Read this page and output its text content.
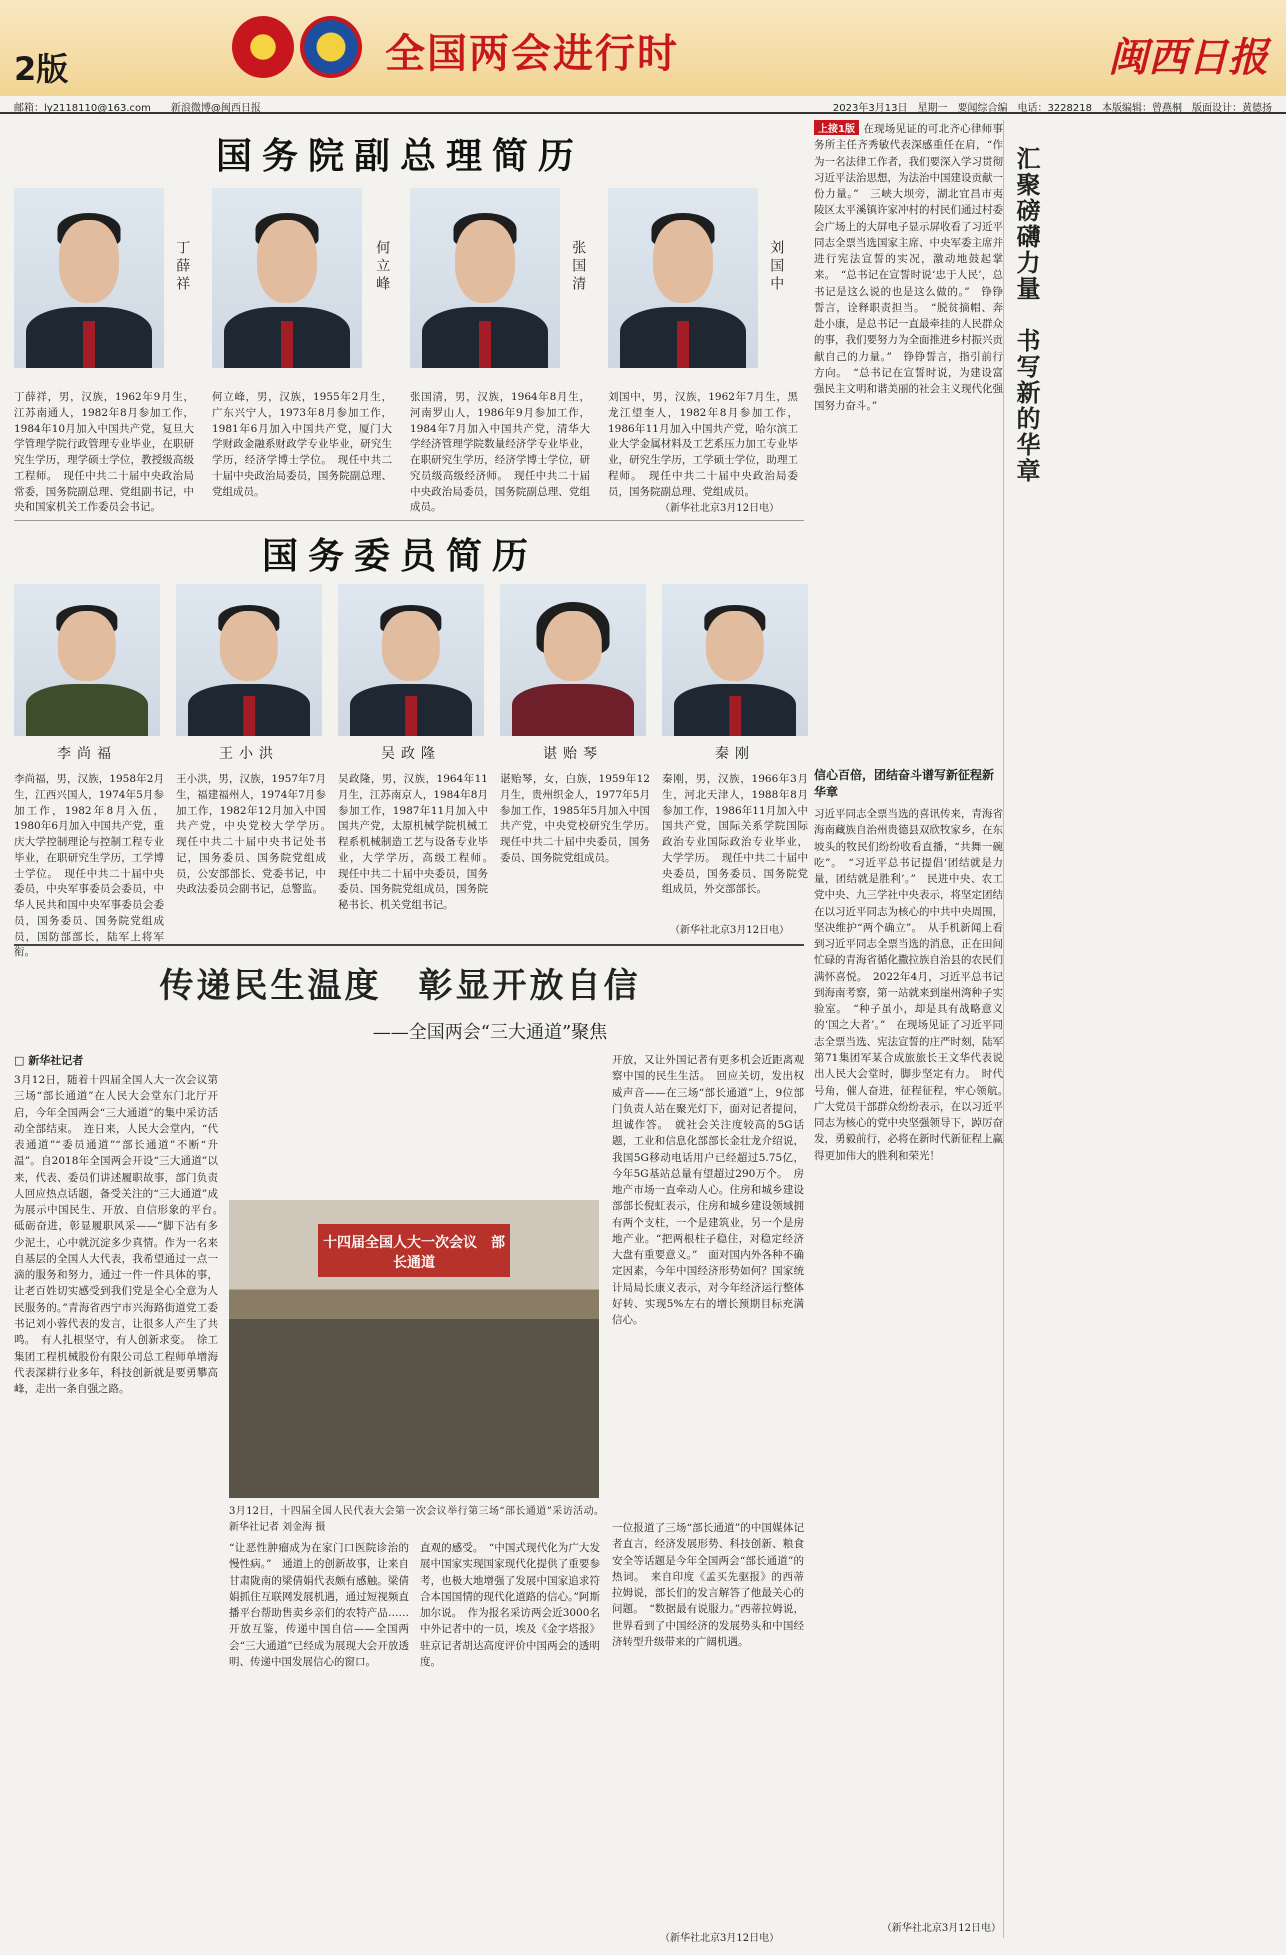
2版	全国两会进行时	闽西日报
邮箱：ly2118110@163.com　　新浪微博@闽西日报	2023年3月13日　星期一　要闻综合编　电话：3228218　本版编辑：曾燕桐　版面设计：黄德扬
国务院副总理简历
丁薛祥	何立峰	张国清	刘国中
丁薛祥，男，汉族，1962年9月生，江苏南通人，1982年8月参加工作，1984年10月加入中国共产党，复旦大学管理学院行政管理专业毕业，在职研究生学历，理学硕士学位，教授级高级工程师。　现任中共二十届中央政治局常委，国务院副总理、党组副书记，中央和国家机关工作委员会书记。
何立峰，男，汉族，1955年2月生，广东兴宁人，1973年8月参加工作，1981年6月加入中国共产党，厦门大学财政金融系财政学专业毕业，研究生学历，经济学博士学位。　现任中共二十届中央政治局委员，国务院副总理、党组成员。
张国清，男，汉族，1964年8月生，河南罗山人，1986年9月参加工作，1984年7月加入中国共产党，清华大学经济管理学院数量经济学专业毕业，在职研究生学历，经济学博士学位，研究员级高级经济师。　现任中共二十届中央政治局委员，国务院副总理、党组成员。
刘国中，男，汉族，1962年7月生，黑龙江望奎人，1982年8月参加工作，1986年11月加入中国共产党，哈尔滨工业大学金属材料及工艺系压力加工专业毕业，研究生学历，工学硕士学位，助理工程师。　现任中共二十届中央政治局委员，国务院副总理、党组成员。
（新华社北京3月12日电）
国务委员简历
李尚福	王小洪	吴政隆	谌贻琴	秦刚
李尚福，男，汉族，1958年2月生，江西兴国人，1974年5月参加工作，1982年8月入伍，1980年6月加入中国共产党，重庆大学控制理论与控制工程专业毕业，在职研究生学历，工学博士学位。　现任中共二十届中央委员，中央军事委员会委员，中华人民共和国中央军事委员会委员，国务委员、国务院党组成员，国防部部长，陆军上将军衔。
王小洪，男，汉族，1957年7月生，福建福州人，1974年7月参加工作，1982年12月加入中国共产党，中央党校大学学历。　现任中共二十届中央书记处书记，国务委员、国务院党组成员，公安部部长、党委书记，中央政法委员会副书记，总警监。
吴政隆，男，汉族，1964年11月生，江苏南京人，1984年8月参加工作，1987年11月加入中国共产党，太原机械学院机械工程系机械制造工艺与设备专业毕业，大学学历，高级工程师。　现任中共二十届中央委员，国务委员、国务院党组成员，国务院秘书长、机关党组书记。
谌贻琴，女，白族，1959年12月生，贵州织金人，1977年5月参加工作，1985年5月加入中国共产党，中央党校研究生学历。　现任中共二十届中央委员，国务委员、国务院党组成员。
秦刚，男，汉族，1966年3月生，河北天津人，1988年8月参加工作，1986年11月加入中国共产党，国际关系学院国际政治专业国际政治专业毕业，大学学历。　现任中共二十届中央委员，国务委员、国务院党组成员，外交部部长。
（新华社北京3月12日电）
传递民生温度　彰显开放自信
——全国两会“三大通道”聚焦
□ 新华社记者
3月12日，随着十四届全国人大一次会议第三场“部长通道”在人民大会堂东门北厅开启，今年全国两会“三大通道”的集中采访活动全部结束。　连日来，人民大会堂内，“代表通道”“委员通道”“部长通道”不断“升温”。自2018年全国两会开设“三大通道”以来，代表、委员们讲述履职故事，部门负责人回应热点话题，备受关注的“三大通道”成为展示中国民生、开放、自信形象的平台。　砥砺奋进，彰显履职风采——“脚下沾有多少泥土，心中就沉淀多少真情。作为一名来自基层的全国人大代表，我希望通过一点一滴的服务和努力，通过一件一件具体的事，让老百姓切实感受到我们党是全心全意为人民服务的。”青海省西宁市兴海路街道党工委书记刘小蓉代表的发言，让很多人产生了共鸣。　有人扎根坚守，有人创新求变。　徐工集团工程机械股份有限公司总工程师单增海代表深耕行业多年，科技创新就是要勇攀高峰，走出一条自强之路。
十四届全国人大一次会议　部长通道
3月12日，十四届全国人民代表大会第一次会议举行第三场“部长通道”采访活动。　　新华社记者 刘金海 摄
开放，又让外国记者有更多机会近距离观察中国的民生生活。　回应关切，发出权威声音——在三场“部长通道”上，9位部门负责人站在聚光灯下，面对记者提问，坦诚作答。　就社会关注度较高的5G话题，工业和信息化部部长金壮龙介绍说，我国5G移动电话用户已经超过5.75亿，今年5G基站总量有望超过290万个。　房地产市场一直牵动人心。住房和城乡建设部部长倪虹表示，住房和城乡建设领域拥有两个支柱，一个是建筑业，另一个是房地产业。“把两根柱子稳住，对稳定经济大盘有重要意义。”　面对国内外各种不确定因素，今年中国经济形势如何？国家统计局局长康义表示，对今年经济运行整体好转、实现5%左右的增长预期目标充满信心。
“让恶性肿瘤成为在家门口医院诊治的慢性病。”　通道上的创新故事，让来自甘肃陇南的梁倩娟代表颇有感触。梁倩娟抓住互联网发展机遇，通过短视频直播平台帮助售卖乡亲们的农特产品……开放互鉴，传递中国自信——全国两会“三大通道”已经成为展现大会开放透明、传递中国发展信心的窗口。
直观的感受。　“中国式现代化为广大发展中国家实现国家现代化提供了重要参考，也极大地增强了发展中国家追求符合本国国情的现代化道路的信心。”阿斯加尔说。　作为报名采访两会近3000名中外记者中的一员，埃及《金字塔报》驻京记者胡达高度评价中国两会的透明度。
一位报道了三场“部长通道”的中国媒体记者直言，经济发展形势、科技创新、粮食安全等话题是今年全国两会“部长通道”的热词。　来自印度《孟买先驱报》的西蒂拉姆说，部长们的发言解答了他最关心的问题。　“数据最有说服力。”西蒂拉姆说，世界看到了中国经济的发展势头和中国经济转型升级带来的广阔机遇。
（新华社北京3月12日电）
上接1版 在现场见证的可北齐心律师事务所主任齐秀敏代表深感重任在肩，“作为一名法律工作者，我们要深入学习贯彻习近平法治思想，为法治中国建设贡献一份力量。”　三峡大坝旁，湖北宜昌市夷陵区太平溪镇许家冲村的村民们通过村委会广场上的大屏电子显示屏收看了习近平同志全票当选国家主席、中央军委主席并进行宪法宣誓的实况，激动地鼓起掌来。　“总书记在宣誓时说‘忠于人民’，总书记是这么说的也是这么做的。”　铮铮誓言，诠释职责担当。　“脱贫摘帽、奔赴小康，是总书记一直最牵挂的人民群众的事，我们要努力为全面推进乡村振兴贡献自己的力量。”　铮铮誓言，指引前行方向。　“总书记在宣誓时说，为建设富强民主文明和谐美丽的社会主义现代化强国努力奋斗。”
信心百倍，团结奋斗谱写新征程新华章
习近平同志全票当选的喜讯传来，青海省海南藏族自治州贵德县双欣牧家乡，在东坡头的牧民们纷纷收看直播，“共舞一碗吃”。　“习近平总书记提倡‘团结就是力量，团结就是胜利’。”　民进中央、农工党中央、九三学社中央表示，将坚定团结在以习近平同志为核心的中共中央周围，坚决维护“两个确立”。　从手机新闻上看到习近平同志全票当选的消息，正在田间忙碌的青海省循化撒拉族自治县的农民们满怀喜悦。　2022年4月，习近平总书记到海南考察，第一站就来到崖州湾种子实验室。　“种子虽小，却是具有战略意义的‘国之大者’。”　在现场见证了习近平同志全票当选、宪法宣誓的庄严时刻，陆军第71集团军某合成旅旅长王文华代表说出人民大会堂时，脚步坚定有力。　时代号角，催人奋进，征程征程，牢心领航。　广大党员干部群众纷纷表示，在以习近平同志为核心的党中央坚强领导下，踔厉奋发，勇毅前行，必将在新时代新征程上赢得更加伟大的胜利和荣光！
（新华社北京3月12日电）
汇聚磅礴力量　书写新的华章
